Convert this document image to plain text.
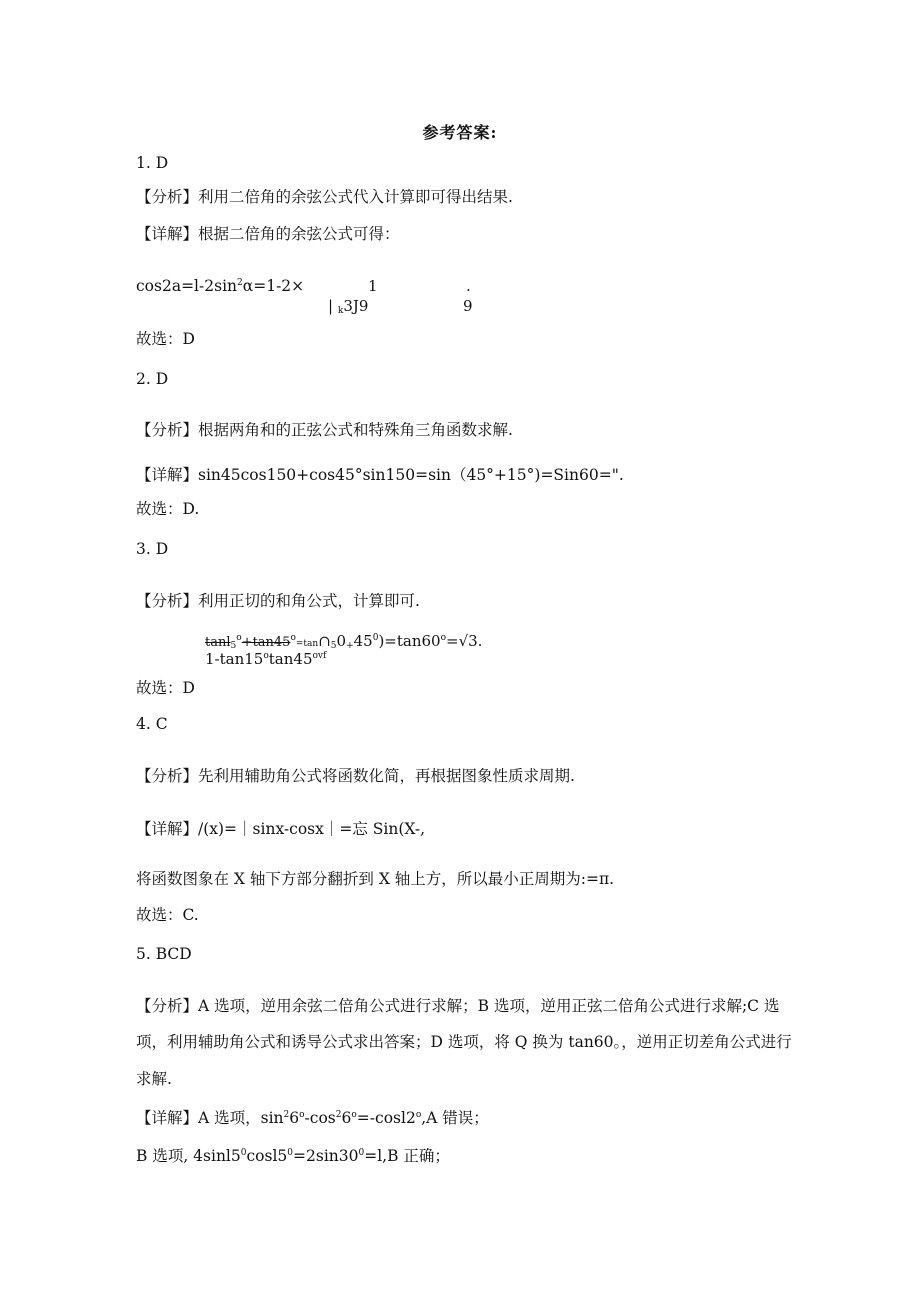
参考答案:
1. D
【分析】利用二倍角的余弦公式代入计算即可得出结果.
【详解】根据二倍角的余弦公式可得：
$\cos 2a=l-2\sin^2\alpha=1-2\times$	1	.
| $_k$3J9	9
故选：D
2. D
【分析】根据两角和的正弦公式和特殊角三角函数求解.
【详解】sin45cos150+cos45°sin150=sin（45°+15°)=Sin60=".
故选：D.
3. D
【分析】利用正切的和角公式，计算即可.
$\tan l_5^o+\tan 45^o=\tan\cap_50_+45^0)=\tan 60^o=√3$.
$1-\tan 15^o\tan 45^{ovf}$
故选：D
4. C
【分析】先利用辅助角公式将函数化简，再根据图象性质求周期.
【详解】/(x)=｜sinx-cosx｜=忘 Sin(X-,
将函数图象在 X 轴下方部分翻折到 X 轴上方，所以最小正周期为:=π.
故选：C.
5. BCD
【分析】A 选项，逆用余弦二倍角公式进行求解；B 选项，逆用正弦二倍角公式进行求解;C 选
项，利用辅助角公式和诱导公式求出答案；D 选项，将 Q 换为 tan60。，逆用正切差角公式进行
求解.
【详解】A 选项，$\sin^26^o-\cos^26^o=-\cos l2^o,A$ 错误；
B 选项, $4\sin l5^0\cos l5^0=2\sin 30^0=l,B$ 正确；
